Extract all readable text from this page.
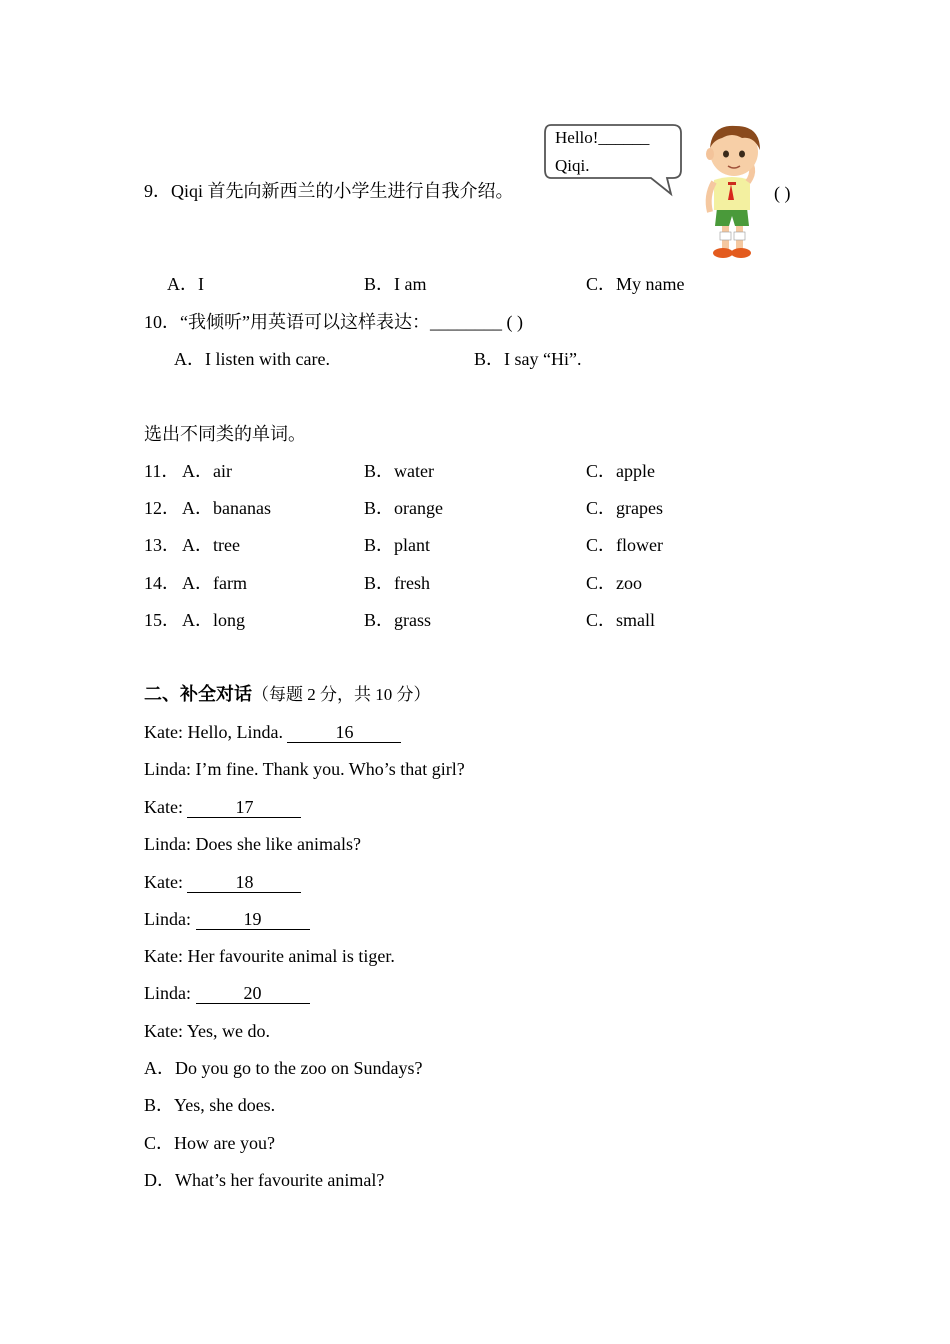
9．Qiqi 首先向新西兰的小学生进行自我介绍。
Hello!______
Qiqi.
( )
A．I	B．I am	C．My name
10．“我倾听”用英语可以这样表达：________ ( )
A．I listen with care.	B．I say “Hi”.
选出不同类的单词。
11． A．air	B．water	C．apple
12． A．bananas	B．orange	C．grapes
13． A．tree	B．plant	C．flower
14． A．farm	B．fresh	C．zoo
15． A．long	B．grass	C．small
二、补全对话（每题 2 分，共 10 分）
Kate: Hello, Linda.	16
Linda: I’m fine. Thank you. Who’s that girl?
Kate:	17
Linda: Does she like animals?
Kate:	18
Linda:	19
Kate: Her favourite animal is tiger.
Linda:	20
Kate: Yes, we do.
A．Do you go to the zoo on Sundays?
B．Yes, she does.
C．How are you?
D．What’s her favourite animal?
